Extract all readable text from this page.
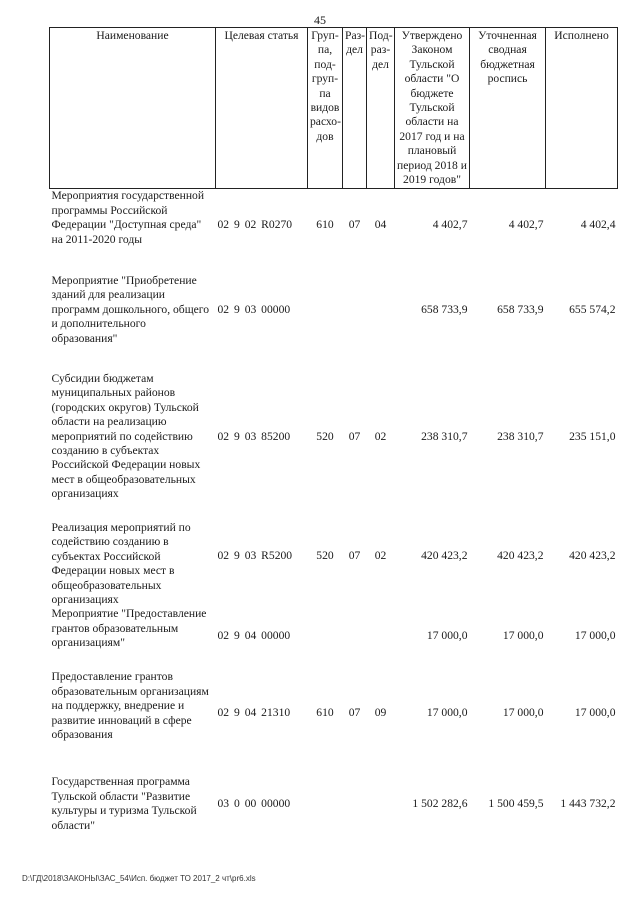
45
Наименование	Целевая статья	Груп-па, под-груп-па видов расхо-дов	Раз-дел	Под-раз-дел	Утверждено Законом Тульской области "О бюджете Тульской области на 2017 год и на плановый период 2018 и 2019 годов"	Уточненная сводная бюджетная роспись	Исполнено
Мероприятия государственной программы Российской Федерации "Доступная среда" на 2011-2020 годы	02 9 02 R0270	610	07	04	4 402,7	4 402,7	4 402,4
Мероприятие "Приобретение зданий для реализации программ дошкольного, общего и дополнительного образования"	02 9 03 00000				658 733,9	658 733,9	655 574,2
Субсидии бюджетам муниципальных районов (городских округов) Тульской области на реализацию мероприятий по содействию созданию в субъектах Российской Федерации новых мест в общеобразовательных организациях	02 9 03 85200	520	07	02	238 310,7	238 310,7	235 151,0
Реализация мероприятий по содействию созданию в субъектах Российской Федерации новых мест в общеобразовательных организациях	02 9 03 R5200	520	07	02	420 423,2	420 423,2	420 423,2
Мероприятие "Предоставление грантов образовательным организациям"	02 9 04 00000				17 000,0	17 000,0	17 000,0
Предоставление грантов образовательным организациям на поддержку, внедрение и развитие инноваций в сфере образования	02 9 04 21310	610	07	09	17 000,0	17 000,0	17 000,0
Государственная программа Тульской области "Развитие культуры и туризма Тульской области"	03 0 00 00000				1 502 282,6	1 500 459,5	1 443 732,2
D:\ГД\2018\ЗАКОНЫ\ЗАС_54\Исп. бюджет ТО 2017_2 чт\pr6.xls
